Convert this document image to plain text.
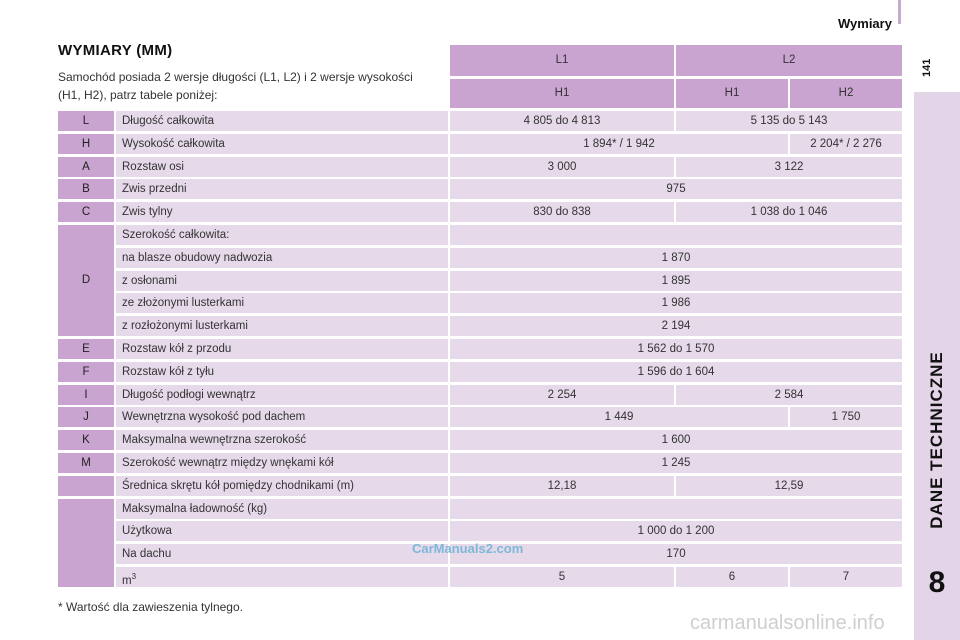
Wymiary
141
DANE TECHNICZNE
8
WYMIARY (MM)
Samochód posiada 2 wersje długości (L1, L2) i 2 wersje wysokości (H1, H2), patrz tabele poniżej:
L1	L2
H1	H1	H2
L	Długość całkowita	4 805 do 4 813	5 135 do 5 143
H	Wysokość całkowita	1 894* / 1 942	2 204* / 2 276
A	Rozstaw osi	3 000	3 122
B	Zwis przedni	975
C	Zwis tylny	830 do 838	1 038 do 1 046
D
Szerokość całkowita:
na blasze obudowy nadwozia	1 870
z osłonami	1 895
ze złożonymi lusterkami	1 986
z rozłożonymi lusterkami	2 194
E	Rozstaw kół z przodu	1 562 do 1 570
F	Rozstaw kół z tyłu	1 596 do 1 604
I	Długość podłogi wewnątrz	2 254	2 584
J	Wewnętrzna wysokość pod dachem	1 449	1 750
K	Maksymalna wewnętrzna szerokość	1 600
M	Szerokość wewnątrz między wnękami kół	1 245
Średnica skrętu kół pomiędzy chodnikami (m)	12,18	12,59
Maksymalna ładowność (kg)
Użytkowa	1 000 do 1 200
Na dachu	170
$m^3$	5	6	7
CarManuals2.com
* Wartość dla zawieszenia tylnego.
carmanualsonline.info
